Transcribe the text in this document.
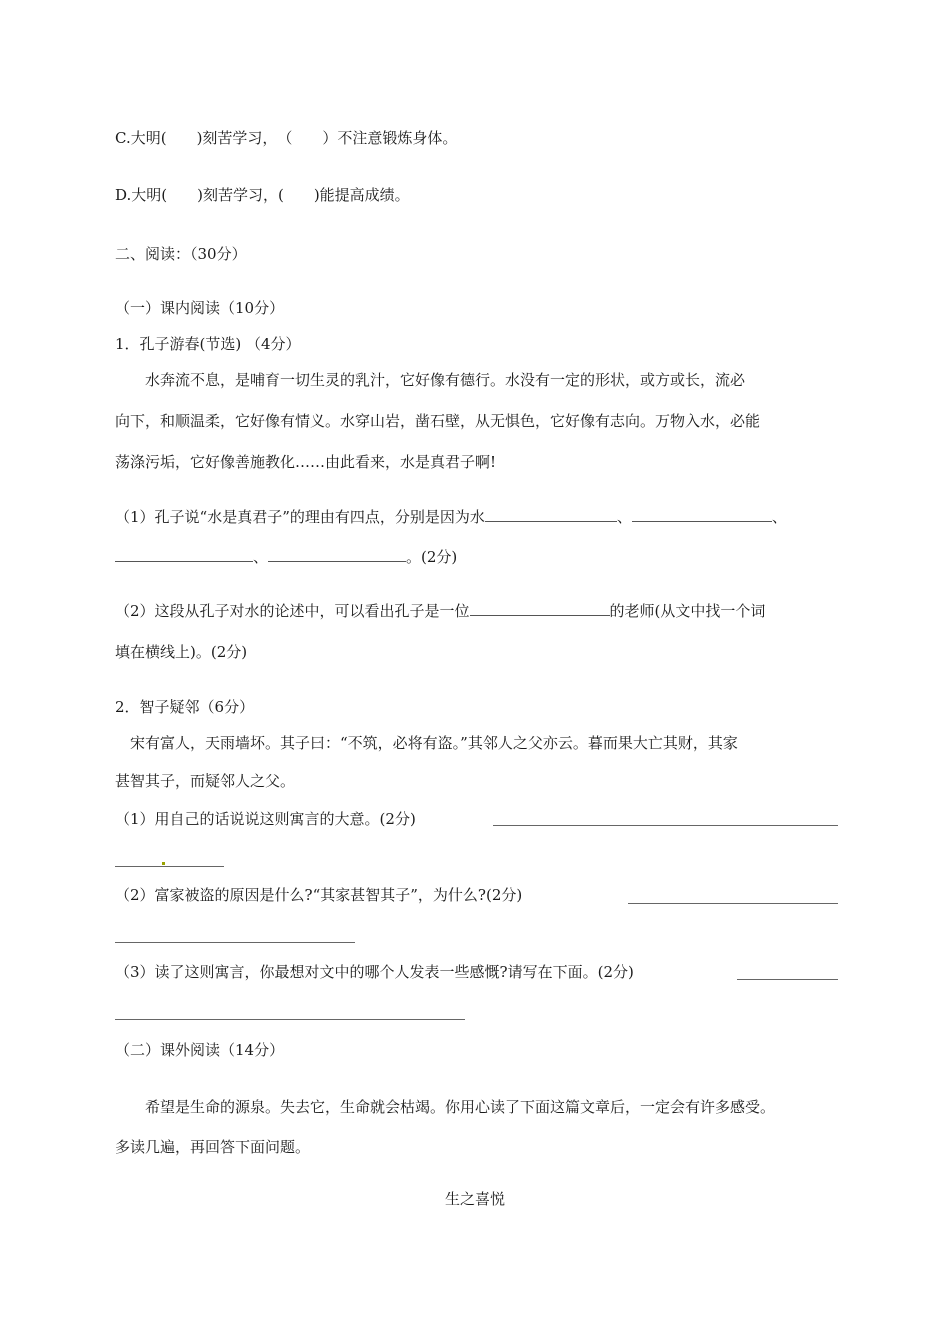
C.大明(　　)刻苦学习，　（　　）不注意锻炼身体。
D.大明(　　)刻苦学习，(　　)能提高成绩。
二、阅读：（30分）
（一）课内阅读（10分）
1．孔子游春(节选) （4分）
　　水奔流不息，是哺育一切生灵的乳汁，它好像有德行。水没有一定的形状，或方或长，流必
向下，和顺温柔，它好像有情义。水穿山岩，凿石壁，从无惧色，它好像有志向。万物入水，必能
荡涤污垢，它好像善施教化……由此看来，水是真君子啊!
（1）孔子说“水是真君子”的理由有四点，分别是因为水	、	、
、	。(2分)
（2）这段从孔子对水的论述中，可以看出孔子是一位	的老师(从文中找一个词
填在横线上)。(2分)
2．智子疑邻（6分）
　宋有富人，天雨墙坏。其子曰：“不筑，必将有盗。”其邻人之父亦云。暮而果大亡其财，其家
甚智其子，而疑邻人之父。
（1）用自己的话说说这则寓言的大意。(2分)
（2）富家被盗的原因是什么?“其家甚智其子”，为什么?(2分)
（3）读了这则寓言，你最想对文中的哪个人发表一些感慨?请写在下面。(2分)
（二）课外阅读（14分）
　　希望是生命的源泉。失去它，生命就会枯竭。你用心读了下面这篇文章后，一定会有许多感受。
多读几遍，再回答下面问题。
生之喜悦
